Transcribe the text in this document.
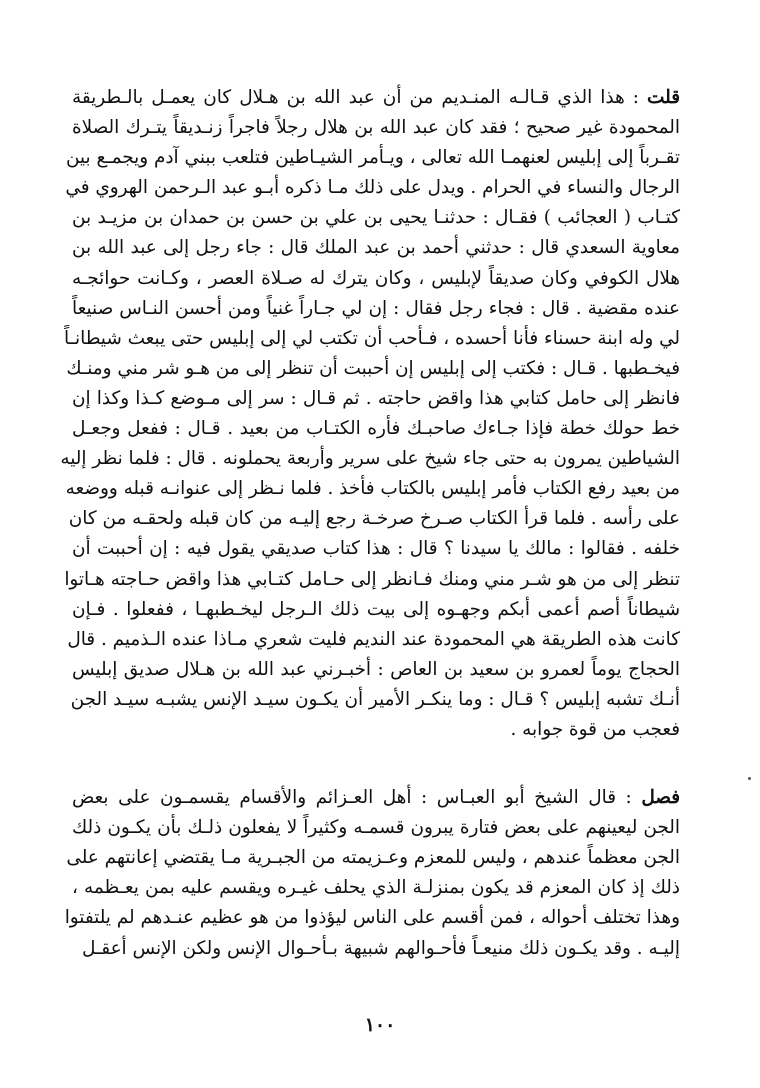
قلت : هذا الذي قـالـه المنـديم من أن عبد الله بن هـلال كان يعمـل بالـطريقة
المحمودة غير صحيح ؛ فقد كان عبد الله بن هلال رجلاً فاجراً زنـديقاً يتـرك الصلاة
تقـرباً إلى إبليس لعنهمـا الله تعالى ، ويـأمر الشيـاطين فتلعب ببني آدم ويجمـع بين
الرجال والنساء في الحرام . ويدل على ذلك مـا ذكره أبـو عبد الـرحمن الهروي في
كتـاب ( العجائب ) فقـال : حدثنـا يحيى بن علي بن حسن بن حمدان بن مزيـد بن
معاوية السعدي قال : حدثني أحمد بن عبد الملك قال : جاء رجل إلى عبد الله بن
هلال الكوفي وكان صديقاً لإبليس ، وكان يترك له صـلاة العصر ، وكـانت حوائجـه
عنده مقضية . قال : فجاء رجل فقال : إن لي جـاراً غنياً ومن أحسن النـاس صنيعاً
لي وله ابنة حسناء فأنا أحسده ، فـأحب أن تكتب لي إلى إبليس حتى يبعث شيطانـاً
فيخـطبها . قـال : فكتب إلى إبليس إن أحببت أن تنظر إلى من هـو شر مني ومنـك
فانظر إلى حامل كتابي هذا واقض حاجته . ثم قـال : سر إلى مـوضع كـذا وكذا إن
خط حولك خطة فإذا جـاءك صاحبـك فأره الكتـاب من بعيد . قـال : ففعل وجعـل
الشياطين يمرون به حتى جاء شيخ على سرير وأربعة يحملونه . قال : فلما نظر إليه
من بعيد رفع الكتاب فأمر إبليس بالكتاب فأخذ . فلما نـظر إلى عنوانـه قبله ووضعه
على رأسه . فلما قرأ الكتاب صـرخ صرخـة رجع إليـه من كان قبله ولحقـه من كان
خلفه . فقالوا : مالك يا سيدنا ؟ قال : هذا كتاب صديقي يقول فيه : إن أحببت أن
تنظر إلى من هو شـر مني ومنك فـانظر إلى حـامل كتـابي هذا واقض حـاجته هـاتوا
شيطاناً أصم أعمى أبكم وجهـوه إلى بيت ذلك الـرجل ليخـطبهـا ، ففعلوا . فـإن
كانت هذه الطريقة هي المحمودة عند النديم فليت شعري مـاذا عنده الـذميم . قال
الحجاج يوماً لعمرو بن سعيد بن العاص : أخبـرني عبد الله بن هـلال صديق إبليس
أنـك تشبه إبليس ؟ قـال : وما ينكـر الأمير أن يكـون سيـد الإنس يشبـه سيـد الجن
فعجب من قوة جوابه .

فصل : قال الشيخ أبو العبـاس : أهل العـزائم والأقسام يقسمـون على بعض
الجن ليعينهم على بعض فتارة يبرون قسمـه وكثيراً لا يفعلون ذلـك بأن يكـون ذلك
الجن معظماً عندهم ، وليس للمعزم وعـزيمته من الجبـرية مـا يقتضي إعانتهم على
ذلك إذ كان المعزم قد يكون بمنزلـة الذي يحلف غيـره ويقسم عليه بمن يعـظمه ،
وهذا تختلف أحواله ، فمن أقسم على الناس ليؤذوا من هو عظيم عنـدهم لم يلتفتوا
إليـه . وقد يكـون ذلك منيعـاً فأحـوالهم شبيهة بـأحـوال الإنس ولكن الإنس أعقـل

١٠٠
